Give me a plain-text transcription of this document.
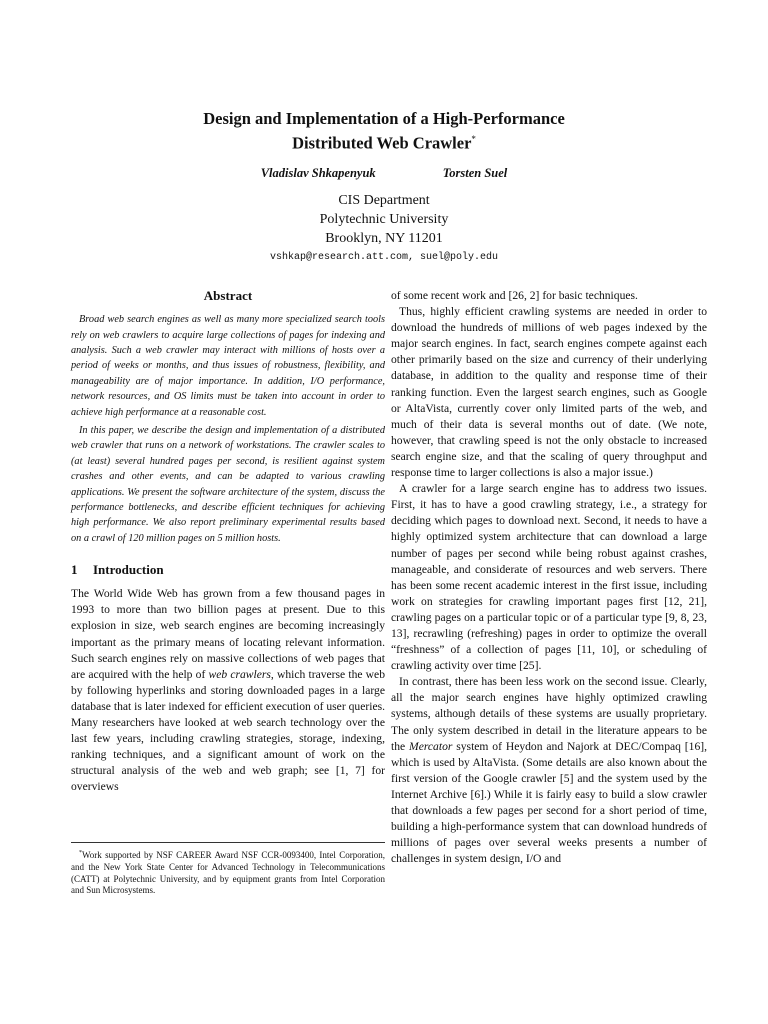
Design and Implementation of a High-Performance
Distributed Web Crawler*

Vladislav Shkapenyuk	Torsten Suel
CIS Department
Polytechnic University
Brooklyn, NY 11201
vshkap@research.att.com, suel@poly.edu
Abstract

Broad web search engines as well as many more specialized search tools rely on web crawlers to acquire large collections of pages for indexing and analysis. Such a web crawler may interact with millions of hosts over a period of weeks or months, and thus issues of robustness, flexibility, and manageability are of major importance. In addition, I/O performance, network resources, and OS limits must be taken into account in order to achieve high performance at a reasonable cost.

In this paper, we describe the design and implementation of a distributed web crawler that runs on a network of workstations. The crawler scales to (at least) several hundred pages per second, is resilient against system crashes and other events, and can be adapted to various crawling applications. We present the software architecture of the system, discuss the performance bottlenecks, and describe efficient techniques for achieving high performance. We also report preliminary experimental results based on a crawl of 120 million pages on 5 million hosts.

1 Introduction

The World Wide Web has grown from a few thousand pages in 1993 to more than two billion pages at present. Due to this explosion in size, web search engines are becoming increasingly important as the primary means of locating relevant information. Such search engines rely on massive collections of web pages that are acquired with the help of web crawlers, which traverse the web by following hyperlinks and storing downloaded pages in a large database that is later indexed for efficient execution of user queries. Many researchers have looked at web search technology over the last few years, including crawling strategies, storage, indexing, ranking techniques, and a significant amount of work on the structural analysis of the web and web graph; see [1, 7] for overviews

*Work supported by NSF CAREER Award NSF CCR-0093400, Intel Corporation, and the New York State Center for Advanced Technology in Telecommunications (CATT) at Polytechnic University, and by equipment grants from Intel Corporation and Sun Microsystems.

of some recent work and [26, 2] for basic techniques.

Thus, highly efficient crawling systems are needed in order to download the hundreds of millions of web pages indexed by the major search engines. In fact, search engines compete against each other primarily based on the size and currency of their underlying database, in addition to the quality and response time of their ranking function. Even the largest search engines, such as Google or AltaVista, currently cover only limited parts of the web, and much of their data is several months out of date. (We note, however, that crawling speed is not the only obstacle to increased search engine size, and that the scaling of query throughput and response time to larger collections is also a major issue.)

A crawler for a large search engine has to address two issues. First, it has to have a good crawling strategy, i.e., a strategy for deciding which pages to download next. Second, it needs to have a highly optimized system architecture that can download a large number of pages per second while being robust against crashes, manageable, and considerate of resources and web servers. There has been some recent academic interest in the first issue, including work on strategies for crawling important pages first [12, 21], crawling pages on a particular topic or of a particular type [9, 8, 23, 13], recrawling (refreshing) pages in order to optimize the overall “freshness” of a collection of pages [11, 10], or scheduling of crawling activity over time [25].

In contrast, there has been less work on the second issue. Clearly, all the major search engines have highly optimized crawling systems, although details of these systems are usually proprietary. The only system described in detail in the literature appears to be the Mercator system of Heydon and Najork at DEC/Compaq [16], which is used by AltaVista. (Some details are also known about the first version of the Google crawler [5] and the system used by the Internet Archive [6].) While it is fairly easy to build a slow crawler that downloads a few pages per second for a short period of time, building a high-performance system that can download hundreds of millions of pages over several weeks presents a number of challenges in system design, I/O and
